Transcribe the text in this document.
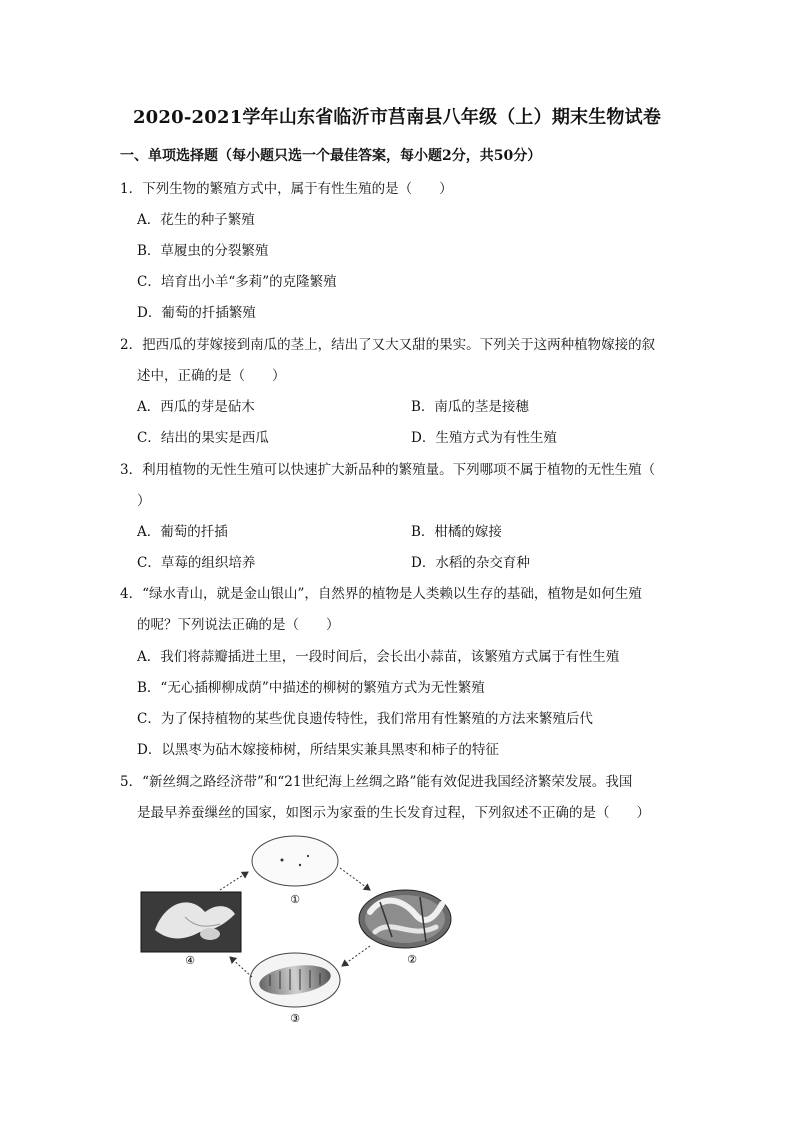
2020-2021学年山东省临沂市莒南县八年级（上）期末生物试卷
一、单项选择题（每小题只选一个最佳答案，每小题2分，共50分）
1．下列生物的繁殖方式中，属于有性生殖的是（　　）
A．花生的种子繁殖
B．草履虫的分裂繁殖
C．培育出小羊“多莉”的克隆繁殖
D．葡萄的扦插繁殖
2．把西瓜的芽嫁接到南瓜的茎上，结出了又大又甜的果实。下列关于这两种植物嫁接的叙
述中，正确的是（　　）
A．西瓜的芽是砧木	B．南瓜的茎是接穗
C．结出的果实是西瓜	D．生殖方式为有性生殖
3．利用植物的无性生殖可以快速扩大新品种的繁殖量。下列哪项不属于植物的无性生殖（
）
A．葡萄的扦插	B．柑橘的嫁接
C．草莓的组织培养	D．水稻的杂交育种
4．“绿水青山，就是金山银山”，自然界的植物是人类赖以生存的基础，植物是如何生殖
的呢？下列说法正确的是（　　）
A．我们将蒜瓣插进土里，一段时间后，会长出小蒜苗，该繁殖方式属于有性生殖
B．“无心插柳柳成荫”中描述的柳树的繁殖方式为无性繁殖
C．为了保持植物的某些优良遗传特性，我们常用有性繁殖的方法来繁殖后代
D．以黑枣为砧木嫁接柿树，所结果实兼具黑枣和柿子的特征
5．“新丝绸之路经济带”和“21世纪海上丝绸之路”能有效促进我国经济繁荣发展。我国
是最早养蚕缫丝的国家，如图示为家蚕的生长发育过程，下列叙述不正确的是（　　）
①
②
③
④
